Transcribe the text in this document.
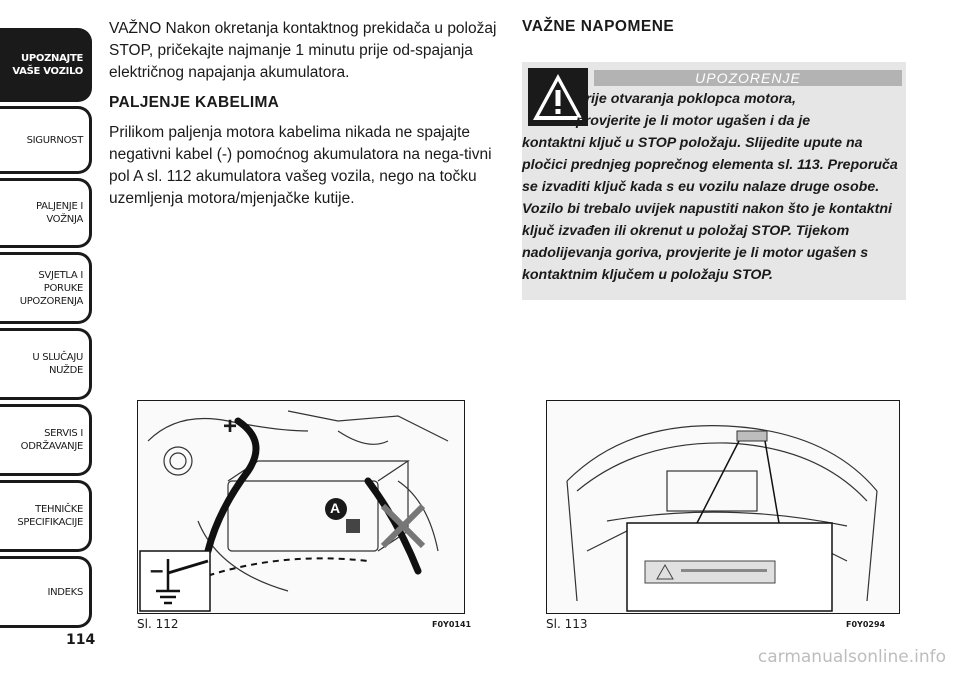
UPOZNAJTE
VAŠE VOZILO
SIGURNOST
PALJENJE I
VOŽNJA
SVJETLA I PORUKE
UPOZORENJA
U SLUČAJU
NUŽDE
SERVIS I
ODRŽAVANJE
TEHNIČKE
SPECIFIKACIJE
INDEKS
114

VAŽNO Nakon okretanja kontaktnog prekidača u položaj STOP, pričekajte najmanje 1 minutu prije od-spajanja električnog napajanja akumulatora.

PALJENJE KABELIMA

Prilikom paljenja motora kabelima nikada ne spajajte negativni kabel (-) pomoćnog akumulatora na nega-tivni pol A sl. 112 akumulatora vašeg vozila, nego na točku uzemljenja motora/mjenjačke kutije.

VAŽNE NAPOMENE
UPOZORENJE
Prije otvaranja poklopca motora,
provjerite je li motor ugašen i da je
kontaktni ključ u STOP položaju. Slijedite upute na pločici prednjeg poprečnog elementa sl. 113. Preporuča se izvaditi ključ kada s eu vozilu nalaze druge osobe. Vozilo bi trebalo uvijek napustiti nakon što je kontaktni ključ izvađen ili okrenut u položaj STOP. Tijekom nadolijevanja goriva, provjerite je li motor ugašen s kontaktnim ključem u položaju STOP.
A
+
–
Sl. 112	F0Y0141	Sl. 113	F0Y0294
carmanualsonline.info
